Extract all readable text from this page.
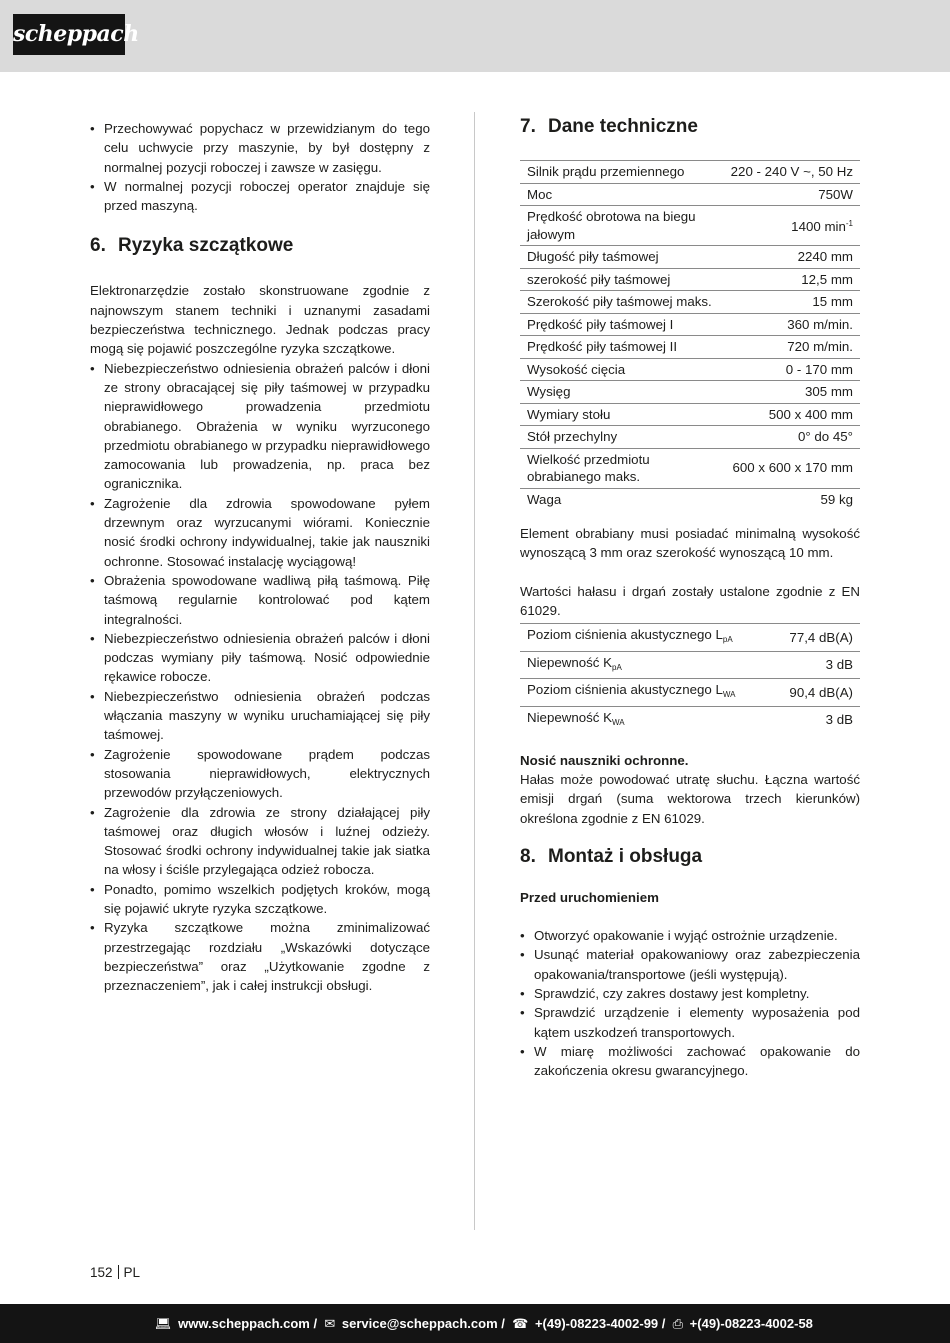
scheppach
• Przechowywać popychacz w przewidzianym do tego celu uchwycie przy maszynie, by był dostępny z normalnej pozycji roboczej i zawsze w zasięgu.
• W normalnej pozycji roboczej operator znajduje się przed maszyną.
6. Ryzyka szczątkowe

Elektronarzędzie zostało skonstruowane zgodnie z najnowszym stanem techniki i uznanymi zasadami bezpieczeństwa technicznego. Jednak podczas pracy mogą się pojawić poszczególne ryzyka szczątkowe.

• Niebezpieczeństwo odniesienia obrażeń palców i dłoni ze strony obracającej się piły taśmowej w przypadku nieprawidłowego prowadzenia przedmiotu obrabianego. Obrażenia w wyniku wyrzuconego przedmiotu obrabianego w przypadku nieprawidłowego zamocowania lub prowadzenia, np. praca bez ogranicznika.
• Zagrożenie dla zdrowia spowodowane pyłem drzewnym oraz wyrzucanymi wiórami. Koniecznie nosić środki ochrony indywidualnej, takie jak nauszniki ochronne. Stosować instalację wyciągową!
• Obrażenia spowodowane wadliwą piłą taśmową. Piłę taśmową regularnie kontrolować pod kątem integralności.
• Niebezpieczeństwo odniesienia obrażeń palców i dłoni podczas wymiany piły taśmową. Nosić odpowiednie rękawice robocze.
• Niebezpieczeństwo odniesienia obrażeń podczas włączania maszyny w wyniku uruchamiającej się piły taśmowej.
• Zagrożenie spowodowane prądem podczas stosowania nieprawidłowych, elektrycznych przewodów przyłączeniowych.
• Zagrożenie dla zdrowia ze strony działającej piły taśmowej oraz długich włosów i luźnej odzieży. Stosować środki ochrony indywidualnej takie jak siatka na włosy i ściśle przylegająca odzież robocza.
• Ponadto, pomimo wszelkich podjętych kroków, mogą się pojawić ukryte ryzyka szczątkowe.
• Ryzyka szczątkowe można zminimalizować przestrzegając rozdziału „Wskazówki dotyczące bezpieczeństwa” oraz „Użytkowanie zgodne z przeznaczeniem”, jak i całej instrukcji obsługi.
7. Dane techniczne
Silnik prądu przemiennego	220 - 240 V ~, 50 Hz
Moc	750W
Prędkość obrotowa na biegu jałowym	1400 $\min^{-1}$
Długość piły taśmowej	2240 mm
szerokość piły taśmowej	12,5 mm
Szerokość piły taśmowej maks.	15 mm
Prędkość piły taśmowej I	360 m/min.
Prędkość piły taśmowej II	720 m/min.
Wysokość cięcia	0 - 170 mm
Wysięg	305 mm
Wymiary stołu	500 x 400 mm
Stół przechylny	0° do 45°
Wielkość przedmiotu obrabianego maks.	600 x 600 x 170 mm
Waga	59 kg

Element obrabiany musi posiadać minimalną wysokość wynoszącą 3 mm oraz szerokość wynoszącą 10 mm.

Wartości hałasu i drgań zostały ustalone zgodnie z EN 61029.

Poziom ciśnienia akustycznego $L_{pA}$	77,4 dB(A)
Niepewność $K_{pA}$	3 dB
Poziom ciśnienia akustycznego $L_{WA}$	90,4 dB(A)
Niepewność $K_{WA}$	3 dB

Nosić nauszniki ochronne.

Hałas może powodować utratę słuchu. Łączna wartość emisji drgań (suma wektorowa trzech kierunków) określona zgodnie z EN 61029.

8. Montaż i obsługa

Przed uruchomieniem

• Otworzyć opakowanie i wyjąć ostrożnie urządzenie.
• Usunąć materiał opakowaniowy oraz zabezpieczenia opakowania/transportowe (jeśli występują).
• Sprawdzić, czy zakres dostawy jest kompletny.
• Sprawdzić urządzenie i elementy wyposażenia pod kątem uszkodzeń transportowych.
• W miarę możliwości zachować opakowanie do zakończenia okresu gwarancyjnego.
152 PL
💻︎ www.scheppach.com /  ✉︎ service@scheppach.com /  ☎︎ +(49)-08223-4002-99 /  ⎙︎ +(49)-08223-4002-58
